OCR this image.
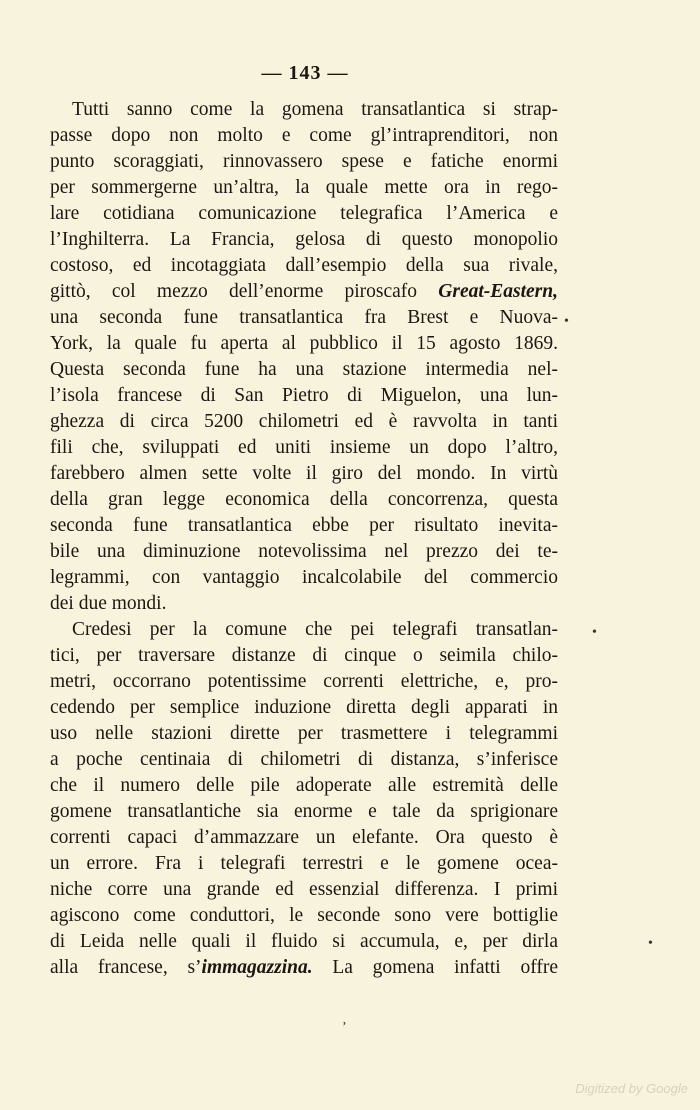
— 143 —
Tutti sanno come la gomena transatlantica si strap-
passe dopo non molto e come gl’intraprenditori, non
punto scoraggiati, rinnovassero spese e fatiche enormi
per sommergerne un’altra, la quale mette ora in rego-
lare cotidiana comunicazione telegrafica l’America e
l’Inghilterra. La Francia, gelosa di questo monopolio
costoso, ed incotaggiata dall’esempio della sua rivale,
gittò, col mezzo dell’enorme piroscafo Great-Eastern,
una seconda fune transatlantica fra Brest e Nuova-
York, la quale fu aperta al pubblico il 15 agosto 1869.
Questa seconda fune ha una stazione intermedia nel-
l’isola francese di San Pietro di Miguelon, una lun-
ghezza di circa 5200 chilometri ed è ravvolta in tanti
fili che, sviluppati ed uniti insieme un dopo l’altro,
farebbero almen sette volte il giro del mondo. In virtù
della gran legge economica della concorrenza, questa
seconda fune transatlantica ebbe per risultato inevita-
bile una diminuzione notevolissima nel prezzo dei te-
legrammi, con vantaggio incalcolabile del commercio
dei due mondi.
Credesi per la comune che pei telegrafi transatlan-
tici, per traversare distanze di cinque o seimila chilo-
metri, occorrano potentissime correnti elettriche, e, pro-
cedendo per semplice induzione diretta degli apparati in
uso nelle stazioni dirette per trasmettere i telegrammi
a poche centinaia di chilometri di distanza, s’inferisce
che il numero delle pile adoperate alle estremità delle
gomene transatlantiche sia enorme e tale da sprigionare
correnti capaci d’ammazzare un elefante. Ora questo è
un errore. Fra i telegrafi terrestri e le gomene ocea-
niche corre una grande ed essenzial differenza. I primi
agiscono come conduttori, le seconde sono vere bottiglie
di Leida nelle quali il fluido si accumula, e, per dirla
alla francese, s’immagazzina. La gomena infatti offre
•
•
•
ʼ
Digitized by Google
